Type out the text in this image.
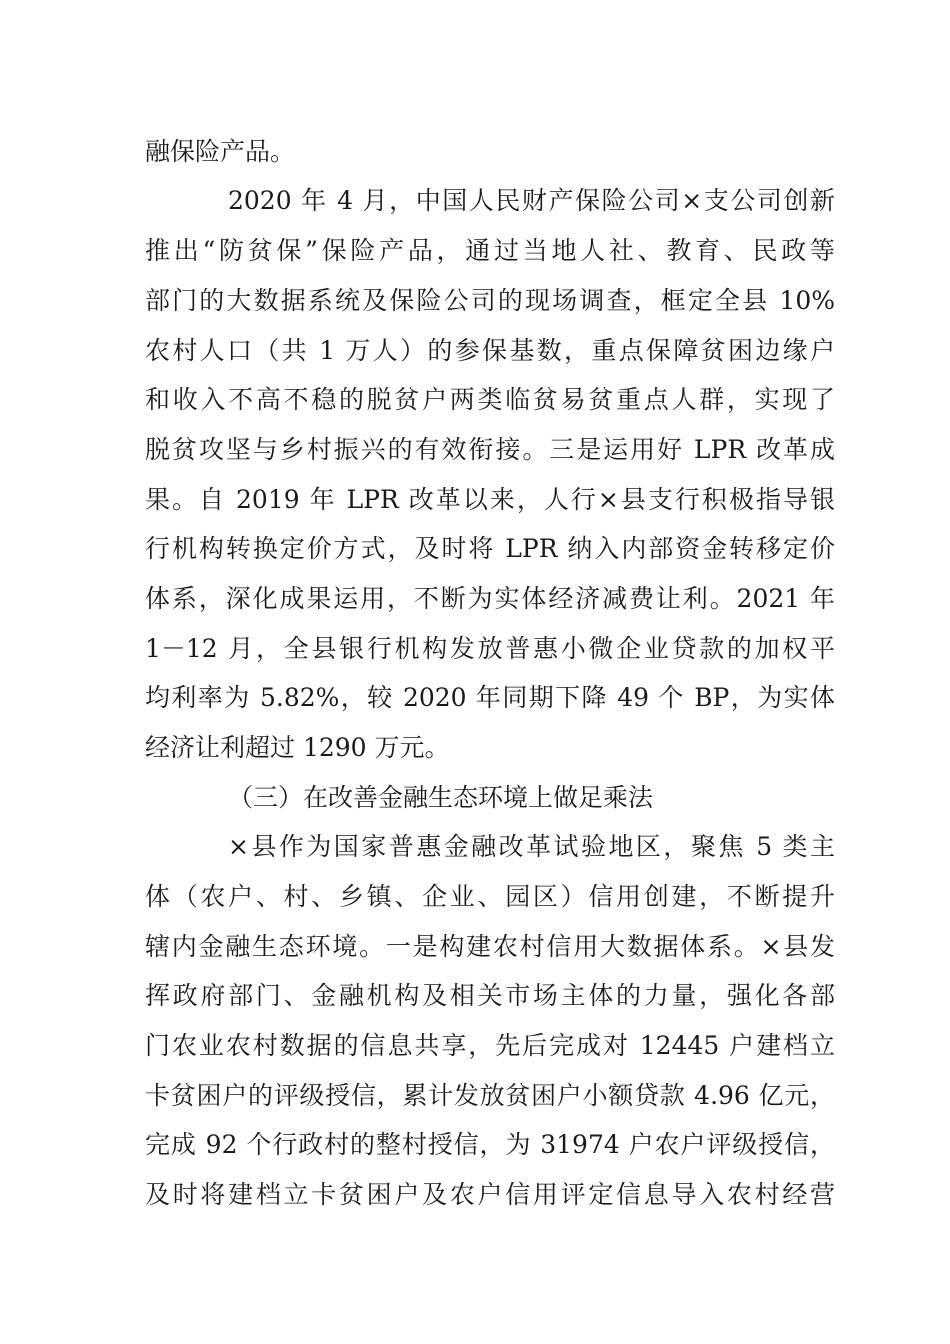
融保险产品。
2020 年 4 月，中国人民财产保险公司×支公司创新
推出“防贫保”保险产品，通过当地人社、教育、民政等
部门的大数据系统及保险公司的现场调查，框定全县 10%
农村人口（共 1 万人）的参保基数，重点保障贫困边缘户
和收入不高不稳的脱贫户两类临贫易贫重点人群，实现了
脱贫攻坚与乡村振兴的有效衔接。三是运用好 LPR 改革成
果。自 2019 年 LPR 改革以来，人行×县支行积极指导银
行机构转换定价方式，及时将 LPR 纳入内部资金转移定价
体系，深化成果运用，不断为实体经济减费让利。2021 年
1－12 月，全县银行机构发放普惠小微企业贷款的加权平
均利率为 5.82%，较 2020 年同期下降 49 个 BP，为实体
经济让利超过 1290 万元。
（三）在改善金融生态环境上做足乘法
×县作为国家普惠金融改革试验地区，聚焦 5 类主
体（农户、村、乡镇、企业、园区）信用创建，不断提升
辖内金融生态环境。一是构建农村信用大数据体系。×县发
挥政府部门、金融机构及相关市场主体的力量，强化各部
门农业农村数据的信息共享，先后完成对 12445 户建档立
卡贫困户的评级授信，累计发放贫困户小额贷款 4.96 亿元，
完成 92 个行政村的整村授信，为 31974 户农户评级授信，
及时将建档立卡贫困户及农户信用评定信息导入农村经营
